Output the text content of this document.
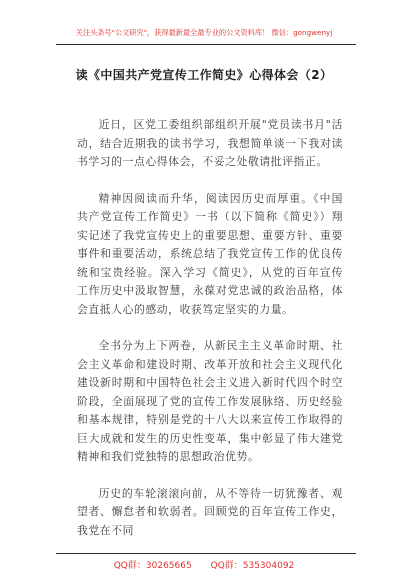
关注头条号"公文研究"，获得最新最全最专业的公文资料库！ 微信：gongwenyj
读《中国共产党宣传工作简史》心得体会（2）

近日，区党工委组织部组织开展"党员读书月"活动，结合近期我的读书学习，我想简单谈一下我对读书学习的一点心得体会，不妥之处敬请批评指正。

精神因阅读而升华，阅读因历史而厚重。《中国共产党宣传工作简史》一书（以下简称《简史》）翔实记述了我党宣传史上的重要思想、重要方针、重要事件和重要活动，系统总结了我党宣传工作的优良传统和宝贵经验。深入学习《简史》，从党的百年宣传工作历史中汲取智慧，永葆对党忠诚的政治品格，体会直抵人心的感动，收获笃定坚实的力量。

全书分为上下两卷，从新民主主义革命时期、社会主义革命和建设时期、改革开放和社会主义现代化建设新时期和中国特色社会主义进入新时代四个时空阶段，全面展现了党的宣传工作发展脉络、历史经验和基本规律，特别是党的十八大以来宣传工作取得的巨大成就和发生的历史性变革，集中彰显了伟大建党精神和我们党独特的思想政治优势。

历史的车轮滚滚向前，从不等待一切犹豫者、观望者、懈怠者和软弱者。回顾党的百年宣传工作史，我党在不同

QQ群：30265665 QQ群：535304092
